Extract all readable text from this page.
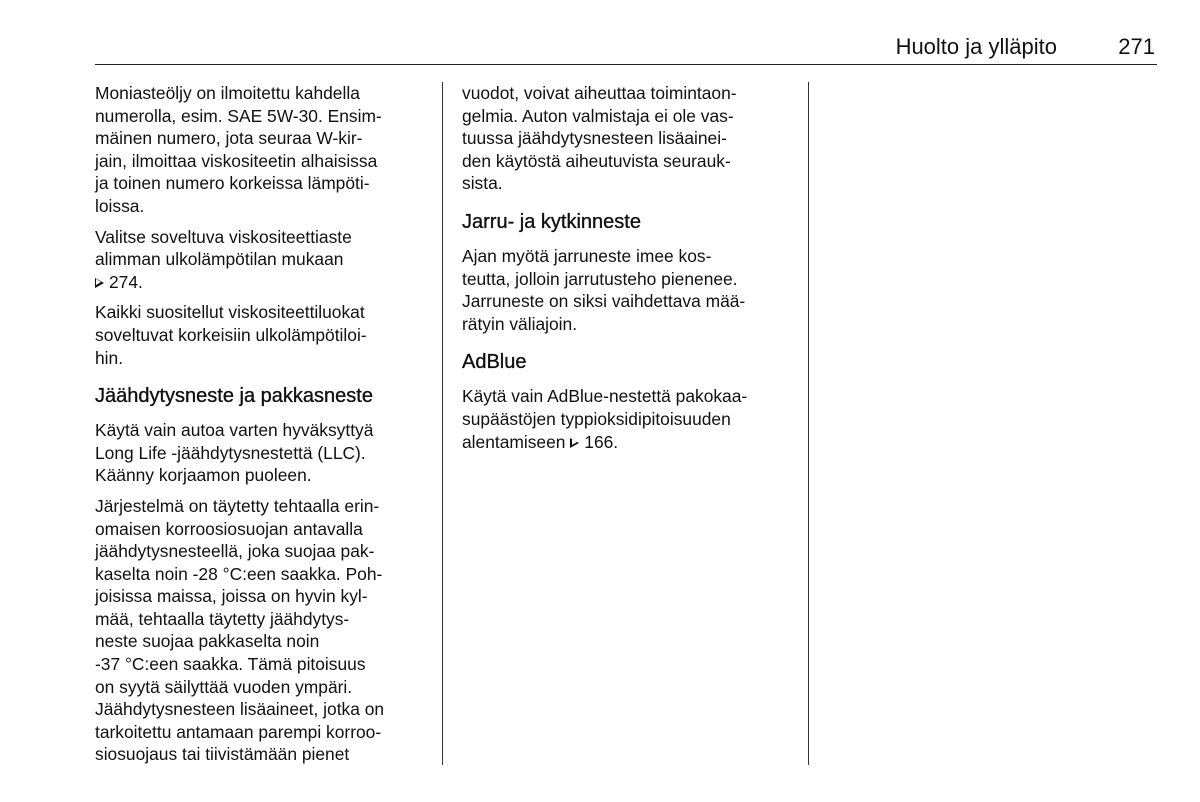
Huolto ja ylläpito	271

Moniasteöljy on ilmoitettu kahdella
numerolla, esim. SAE 5W-30. Ensim‐
mäinen numero, jota seuraa W-kir‐
jain, ilmoittaa viskositeetin alhaisissa
ja toinen numero korkeissa lämpöti‐
loissa.

Valitse soveltuva viskositeettiaste
alimman ulkolämpötilan mukaan
274.

Kaikki suositellut viskositeettiluokat
soveltuvat korkeisiin ulkolämpötiloi‐
hin.

Jäähdytysneste ja pakkasneste

Käytä vain autoa varten hyväksyttyä
Long Life -jäähdytysnestettä (LLC).
Käänny korjaamon puoleen.

Järjestelmä on täytetty tehtaalla erin‐
omaisen korroosiosuojan antavalla
jäähdytysnesteellä, joka suojaa pak‐
kaselta noin -28 °C:een saakka. Poh‐
joisissa maissa, joissa on hyvin kyl‐
mää, tehtaalla täytetty jäähdytys‐
neste suojaa pakkaselta noin
-37 °C:een saakka. Tämä pitoisuus
on syytä säilyttää vuoden ympäri.
Jäähdytysnesteen lisäaineet, jotka on
tarkoitettu antamaan parempi korroo‐
siosuojaus tai tiivistämään pienet

vuodot, voivat aiheuttaa toimintaon‐
gelmia. Auton valmistaja ei ole vas‐
tuussa jäähdytysnesteen lisäainei‐
den käytöstä aiheutuvista seurauk‐
sista.

Jarru- ja kytkinneste

Ajan myötä jarruneste imee kos‐
teutta, jolloin jarrutusteho pienenee.
Jarruneste on siksi vaihdettava mää‐
rätyin väliajoin.

AdBlue

Käytä vain AdBlue-nestettä pakokaa‐
supäästöjen typpioksidipitoisuuden
alentamiseen 166.
